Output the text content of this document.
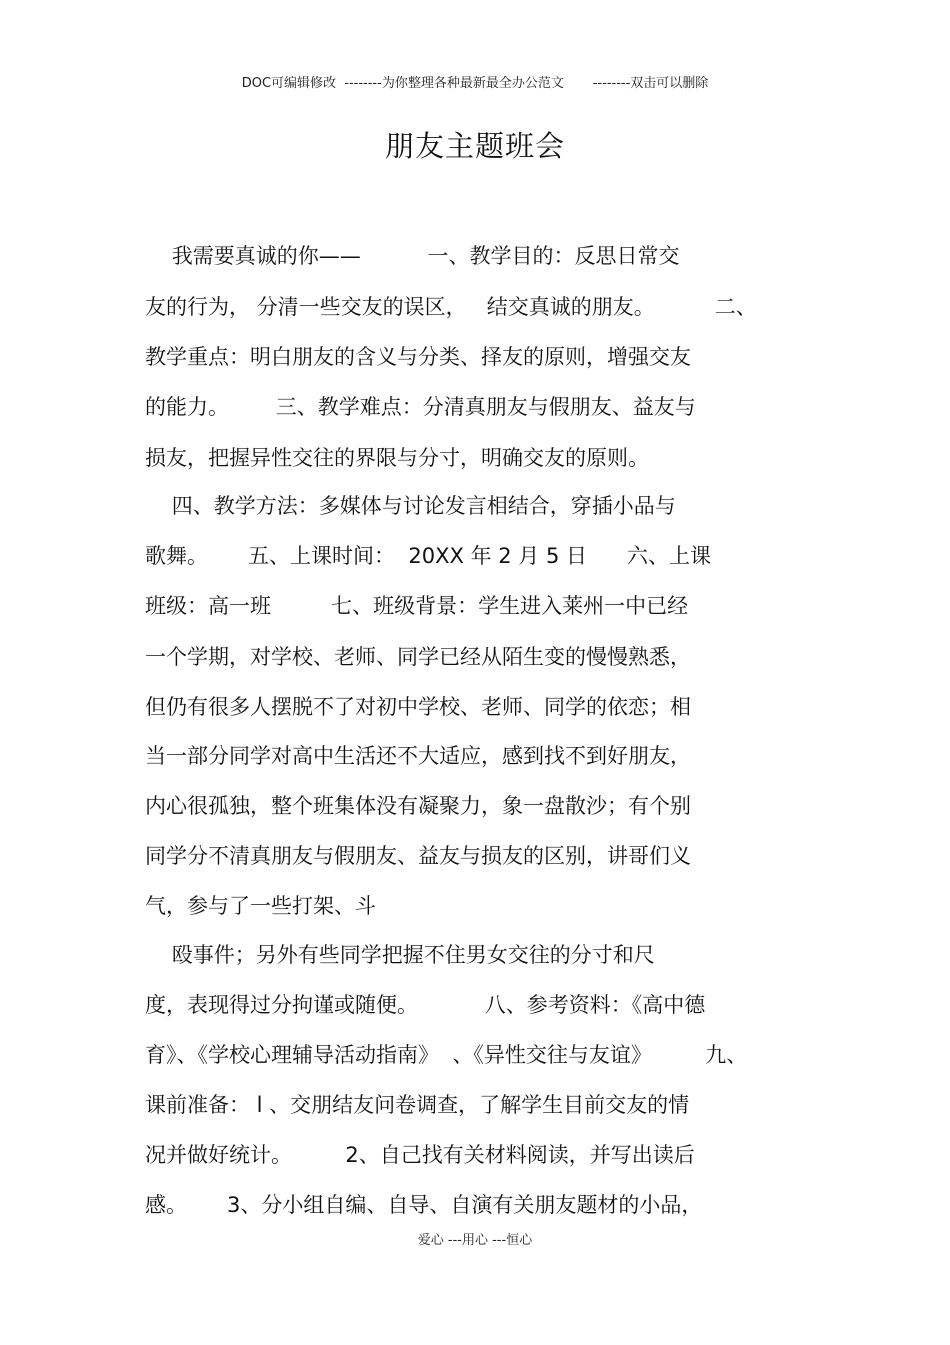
DOC可编辑修改  --------为你整理各种最新最全办公范文       --------双击可以删除
朋友主题班会
我需要真诚的你——          一、教学目的：反思日常交
友的行为， 分清一些交友的误区，   结交真诚的朋友。         二、
教学重点：明白朋友的含义与分类、择友的原则，增强交友
的能力。       三、教学难点：分清真朋友与假朋友、益友与
损友，把握异性交往的界限与分寸，明确交友的原则。
四、教学方法：多媒体与讨论发言相结合，穿插小品与
歌舞。      五、上课时间：  20XX 年 2 月 5 日      六、上课
班级：高一班         七、班级背景：学生进入莱州一中已经
一个学期，对学校、老师、同学已经从陌生变的慢慢熟悉，
但仍有很多人摆脱不了对初中学校、老师、同学的依恋；相
当一部分同学对高中生活还不大适应，感到找不到好朋友，
内心很孤独，整个班集体没有凝聚力，象一盘散沙；有个别
同学分不清真朋友与假朋友、益友与损友的区别，讲哥们义
气，参与了一些打架、斗
殴事件；另外有些同学把握不住男女交往的分寸和尺
度，表现得过分拘谨或随便。          八、参考资料：《高中德
育》、《学校心理辅导活动指南》  、《异性交往与友谊》        九、
课前准备： l 、交朋结友问卷调查，了解学生目前交友的情
况并做好统计。        2、自己找有关材料阅读，并写出读后
感。      3、分小组自编、自导、自演有关朋友题材的小品，
爱心 ---用心 ---恒心
